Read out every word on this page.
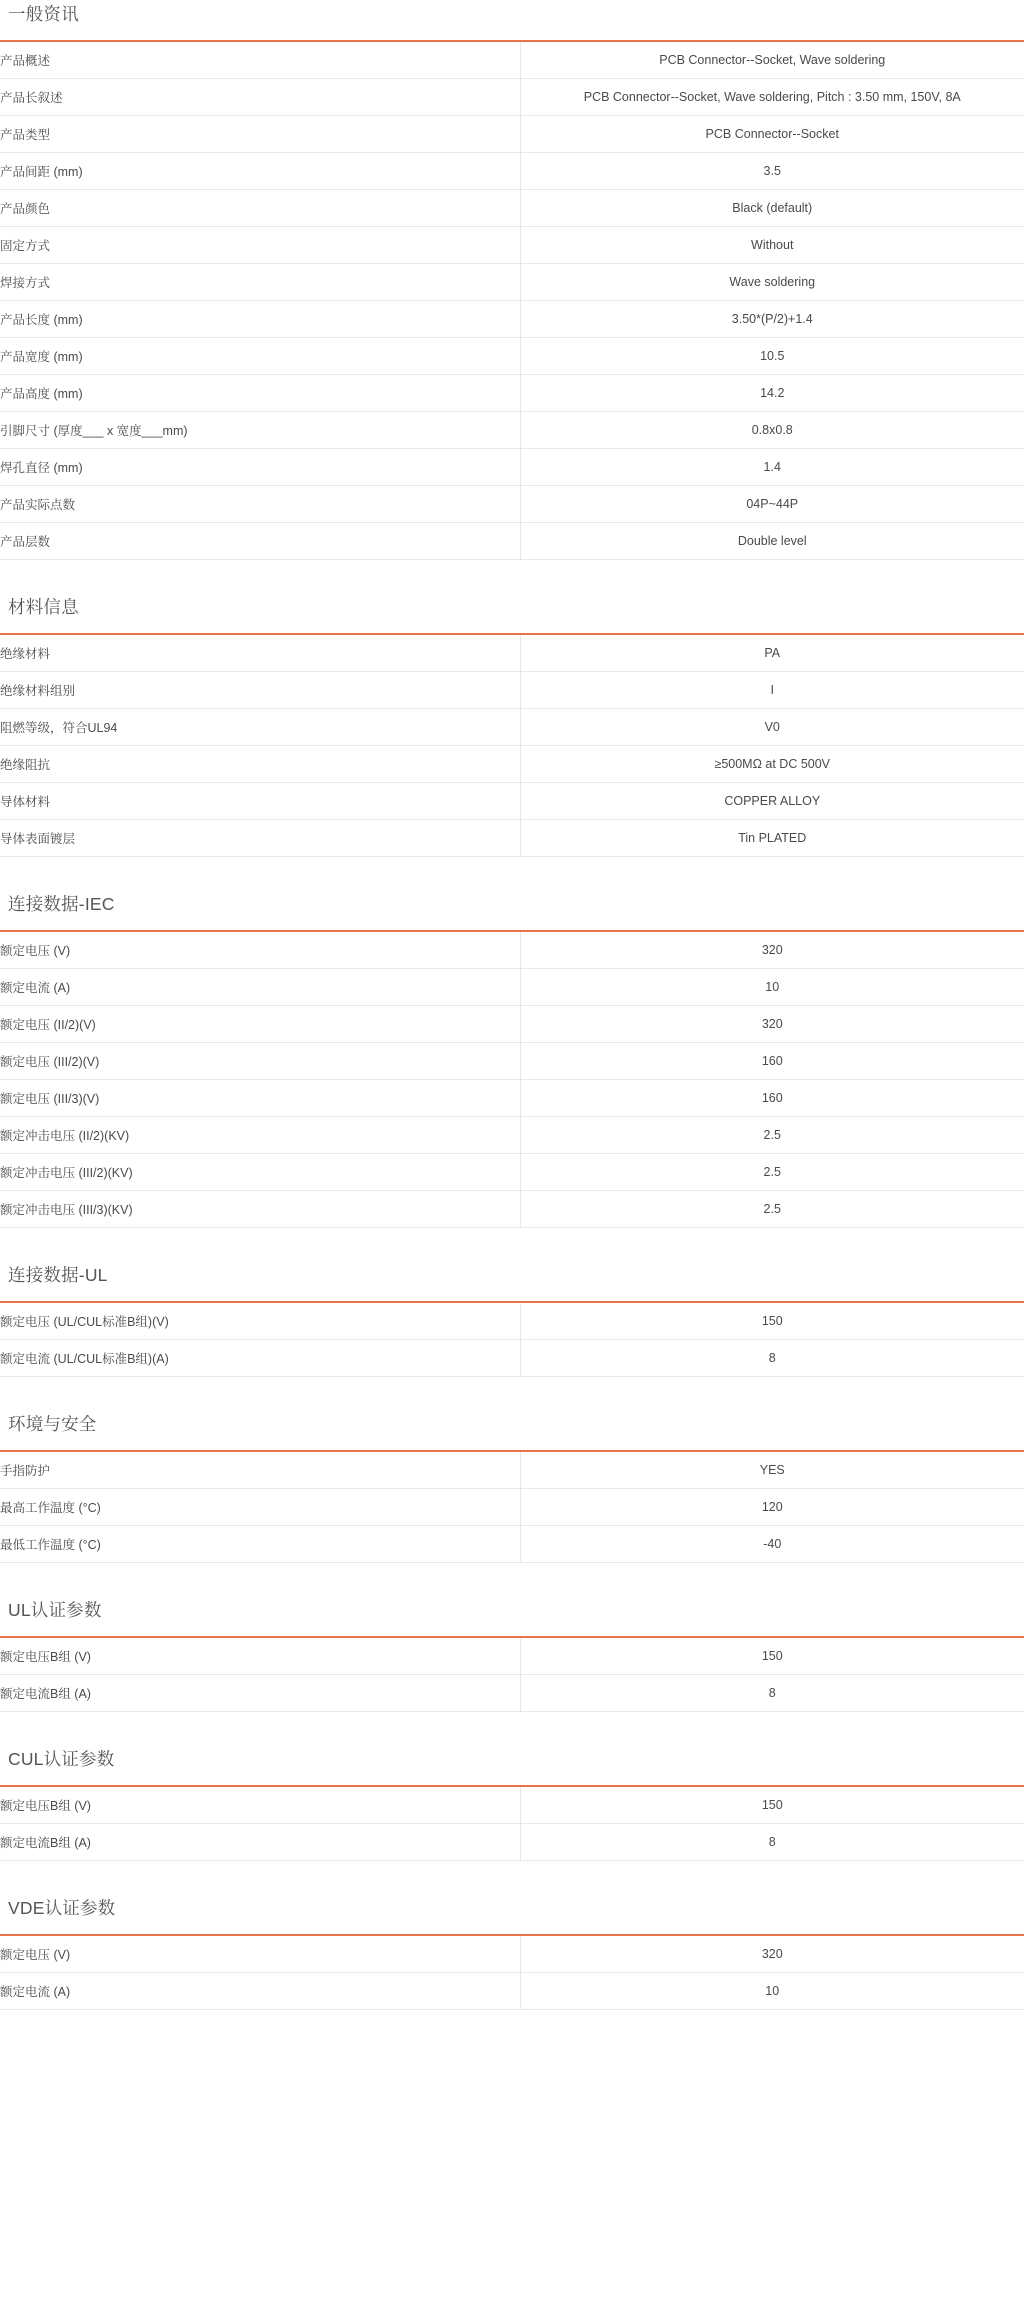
一般资讯
产品概述	PCB Connector--Socket, Wave soldering
产品长叙述	PCB Connector--Socket, Wave soldering, Pitch : 3.50 mm, 150V, 8A
产品类型	PCB Connector--Socket
产品间距 (mm)	3.5
产品颜色	Black (default)
固定方式	Without
焊接方式	Wave soldering
产品长度 (mm)	3.50*(P/2)+1.4
产品宽度 (mm)	10.5
产品高度 (mm)	14.2
引脚尺寸 (厚度___ x 宽度___mm)	0.8x0.8
焊孔直径 (mm)	1.4
产品实际点数	04P~44P
产品层数	Double level
材料信息
绝缘材料	PA
绝缘材料组别	I
阻燃等级，符合UL94	V0
绝缘阻抗	≥500MΩ at DC 500V
导体材料	COPPER ALLOY
导体表面镀层	Tin PLATED
连接数据-IEC
额定电压 (V)	320
额定电流 (A)	10
额定电压 (II/2)(V)	320
额定电压 (III/2)(V)	160
额定电压 (III/3)(V)	160
额定冲击电压 (II/2)(KV)	2.5
额定冲击电压 (III/2)(KV)	2.5
额定冲击电压 (III/3)(KV)	2.5
连接数据-UL
额定电压 (UL/CUL标准B组)(V)	150
额定电流 (UL/CUL标准B组)(A)	8
环境与安全
手指防护	YES
最高工作温度 (°C)	120
最低工作温度 (°C)	-40
UL认证参数
额定电压B组 (V)	150
额定电流B组 (A)	8
CUL认证参数
额定电压B组 (V)	150
额定电流B组 (A)	8
VDE认证参数
额定电压 (V)	320
额定电流 (A)	10
